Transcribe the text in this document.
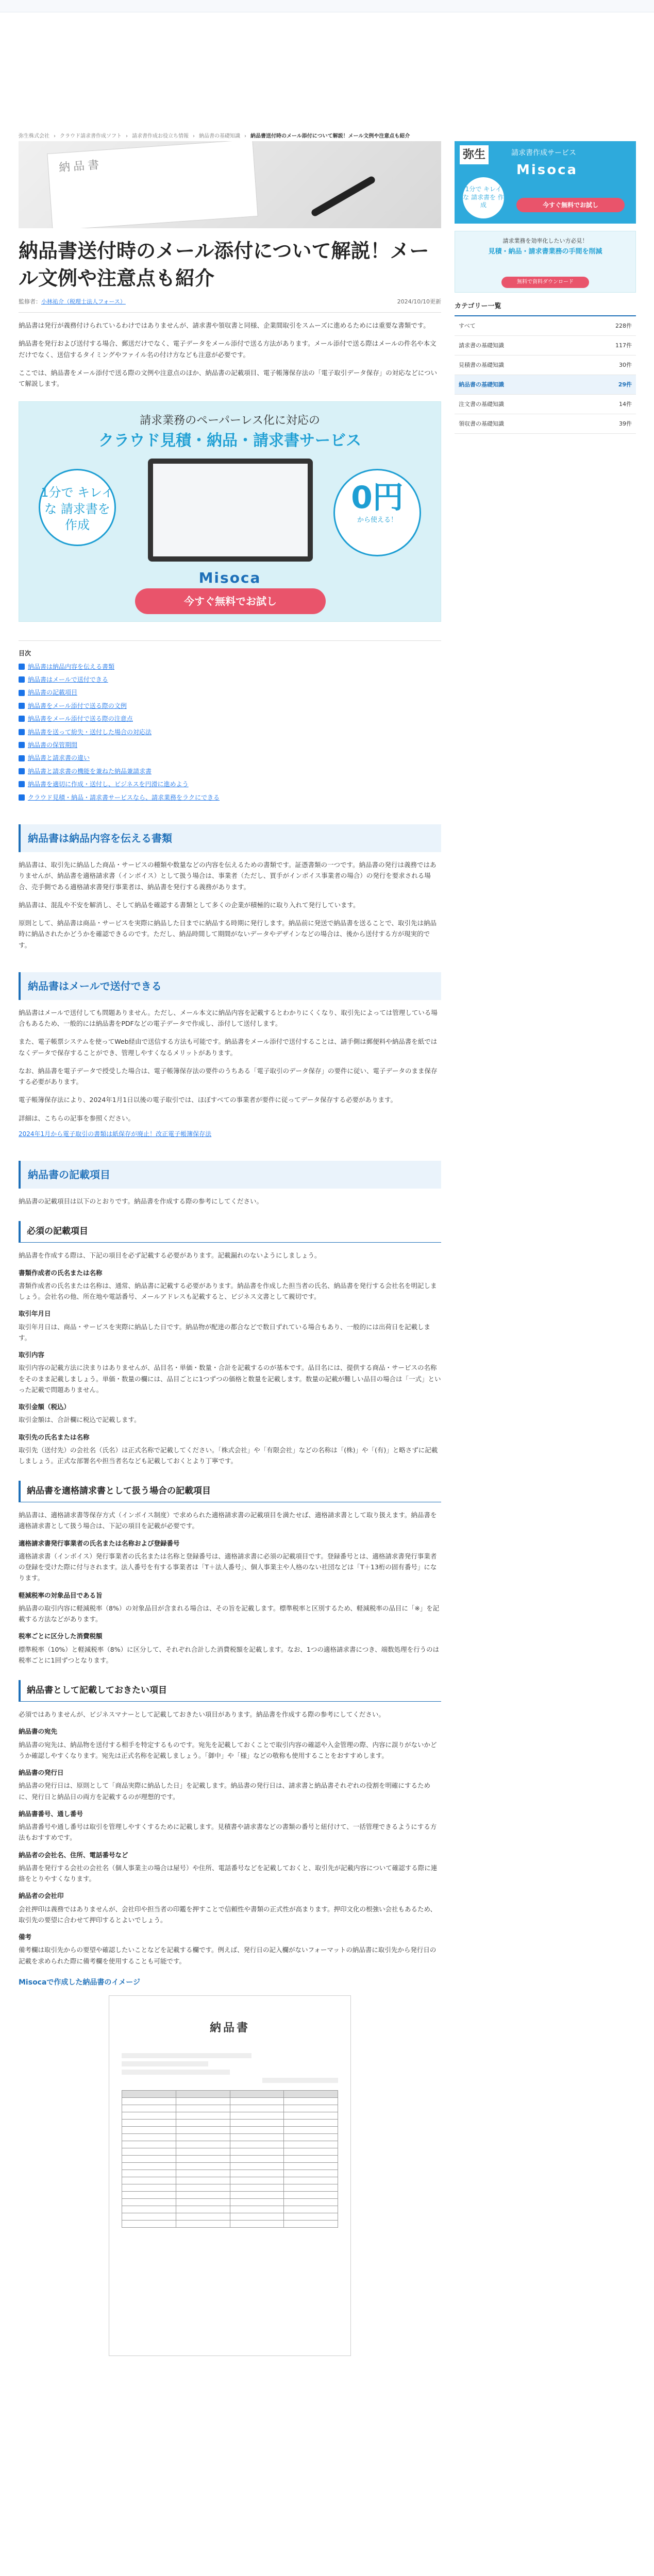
弥生株式会社 › クラウド請求書作成ソフト › 請求書作成お役立ち情報 › 納品書の基礎知識 › 納品書送付時のメール添付について解説！メール文例や注意点も紹介
納品書
納品書送付時のメール添付について解説！メール文例や注意点も紹介
監修者：小林祐介（税理士法人フォース）	2024/10/10更新

納品書は発行が義務付けられているわけではありませんが、請求書や領収書と同様、企業間取引をスムーズに進めるためには重要な書類です。

納品書を発行および送付する場合、郵送だけでなく、電子データをメール添付で送る方法があります。メール添付で送る際はメールの件名や本文だけでなく、送信するタイミングやファイル名の付け方なども注意が必要です。

ここでは、納品書をメール添付で送る際の文例や注意点のほか、納品書の記載項目、電子帳簿保存法の「電子取引データ保存」の対応などについて解説します。

請求業務のペーパーレス化に対応の
クラウド見積・納品・請求書サービス
1分で キレイな 請求書を 作成
0円
から使える！
Misoca
今すぐ無料でお試し
目次
納品書は納品内容を伝える書類
納品書はメールで送付できる
納品書の記載項目
納品書をメール添付で送る際の文例
納品書をメール添付で送る際の注意点
納品書を送って紛失・送付した場合の対応法
納品書の保管期間
納品書と請求書の違い
納品書と請求書の機能を兼ねた納品兼請求書
納品書を適切に作成・送付し、ビジネスを円滑に進めよう
クラウド見積・納品・請求書サービスなら、請求業務をラクにできる
納品書は納品内容を伝える書類

納品書は、取引先に納品した商品・サービスの種類や数量などの内容を伝えるための書類です。証憑書類の一つです。納品書の発行は義務ではありませんが、納品書を適格請求書（インボイス）として扱う場合は、事業者（ただし、買手がインボイス事業者の場合）の発行を要求される場合、売手側である適格請求書発行事業者は、納品書を発行する義務があります。

納品書は、混乱や不安を解消し、そして納品を確認する書類として多くの企業が積極的に取り入れて発行しています。

原則として、納品書は商品・サービスを実際に納品した日までに納品する時期に発行します。納品前に発送で納品書を送ることで、取引先は納品時に納品されたかどうかを確認できるのです。ただし、納品時間して期間がないデータやデザインなどの場合は、後から送付する方が現実的です。

納品書はメールで送付できる

納品書はメールで送付しても問題ありません。ただし、メール本文に納品内容を記載するとわかりにくくなり、取引先によっては管理している場合もあるため、一般的には納品書をPDFなどの電子データで作成し、添付して送付します。

また、電子帳票システムを使ってWeb経由で送信する方法も可能です。納品書をメール添付で送付することは、請手側は郵便料や納品書を紙ではなくデータで保存することができ、管理しやすくなるメリットがあります。

なお、納品書を電子データで授受した場合は、電子帳簿保存法の要件のうちある「電子取引のデータ保存」の要件に従い、電子データのまま保存する必要があります。

電子帳簿保存法により、2024年1月1日以後の電子取引では、ほぼすべての事業者が要件に従ってデータ保存する必要があります。

詳細は、こちらの記事を参照ください。

2024年1月から電子取引の書類は紙保存が廃止！改正電子帳簿保存法
納品書の記載項目

納品書の記載項目は以下のとおりです。納品書を作成する際の参考にしてください。

必須の記載項目

納品書を作成する際は、下記の項目を必ず記載する必要があります。記載漏れのないようにしましょう。

書類作成者の氏名または名称

書類作成者の氏名または名称は、通常、納品書に記載する必要があります。納品書を作成した担当者の氏名、納品書を発行する会社名を明記しましょう。会社名の他、所在地や電話番号、メールアドレスも記載すると、ビジネス文書として親切です。

取引年月日

取引年月日は、商品・サービスを実際に納品した日です。納品物が配達の都合などで数日ずれている場合もあり、一般的には出荷日を記載します。

取引内容

取引内容の記載方法に決まりはありませんが、品目名・単価・数量・合計を記載するのが基本です。品目名には、提供する商品・サービスの名称をそのまま記載しましょう。単価・数量の欄には、品目ごとに1つずつの価格と数量を記載します。数量の記載が難しい品目の場合は「一式」といった記載で問題ありません。

取引金額（税込）

取引金額は、合計欄に税込で記載します。

取引先の氏名または名称

取引先（送付先）の会社名（氏名）は正式名称で記載してください。「株式会社」や「有限会社」などの名称は「(株)」や「(有)」と略さずに記載しましょう。正式な部署名や担当者名なども記載しておくとより丁寧です。

納品書を適格請求書として扱う場合の記載項目

納品書は、適格請求書等保存方式（インボイス制度）で求められた適格請求書の記載項目を満たせば、適格請求書として取り扱えます。納品書を適格請求書として扱う場合は、下記の項目を記載が必要です。

適格請求書発行事業者の氏名または名称および登録番号

適格請求書（インボイス）発行事業者の氏名または名称と登録番号は、適格請求書に必須の記載項目です。登録番号とは、適格請求書発行事業者の登録を受けた際に付与されます。法人番号を有する事業者は「T＋法人番号」、個人事業主や人格のない社団などは「T＋13桁の固有番号」になります。

軽減税率の対象品目である旨

納品書の取引内容に軽減税率（8%）の対象品目が含まれる場合は、その旨を記載します。標準税率と区別するため、軽減税率の品目に「※」を記載する方法などがあります。

税率ごとに区分した消費税額

標準税率（10%）と軽減税率（8%）に区分して、それぞれ合計した消費税額を記載します。なお、1つの適格請求書につき、端数処理を行うのは税率ごとに1回ずつとなります。

納品書として記載しておきたい項目

必須ではありませんが、ビジネスマナーとして記載しておきたい項目があります。納品書を作成する際の参考にしてください。

納品書の宛先

納品書の宛先は、納品物を送付する相手を特定するものです。宛先を記載しておくことで取引内容の確認や入金管理の際、内容に誤りがないかどうか確認しやすくなります。宛先は正式名称を記載しましょう。「御中」や「様」などの敬称も使用することをおすすめします。

納品書の発行日

納品書の発行日は、原則として「商品実際に納品した日」を記載します。納品書の発行日は、請求書と納品書それぞれの役割を明確にするために、発行日と納品日の両方を記載するのが理想的です。

納品書番号、通し番号

納品書番号や通し番号は取引を管理しやすくするために記載します。見積書や請求書などの書類の番号と紐付けて、一括管理できるようにする方法もおすすめです。

納品者の会社名、住所、電話番号など

納品書を発行する会社の会社名（個人事業主の場合は屋号）や住所、電話番号などを記載しておくと、取引先が記載内容について確認する際に連絡をとりやすくなります。

納品者の会社印

会社押印は義務ではありませんが、会社印や担当者の印鑑を押すことで信頼性や書類の正式性が高まります。押印文化の根強い会社もあるため、取引先の要望に合わせて押印するとよいでしょう。

備考

備考欄は取引先からの要望や確認したいことなどを記載する欄です。例えば、発行日の記入欄がないフォーマットの納品書に取引先から発行日の記載を求められた際に備考欄を使用することも可能です。

Misocaで作成した納品書のイメージ
納品書

弥生	請求書作成サービス
Misoca
1分で キレイな 請求書を 作成	今すぐ無料でお試し
請求業務を効率化したい方必見！
見積・納品・請求書業務の手間を削減
無料で資料ダウンロード
カテゴリー一覧
すべて	228件
請求書の基礎知識	117件
見積書の基礎知識	30件
納品書の基礎知識	29件
注文書の基礎知識	14件
領収書の基礎知識	39件
